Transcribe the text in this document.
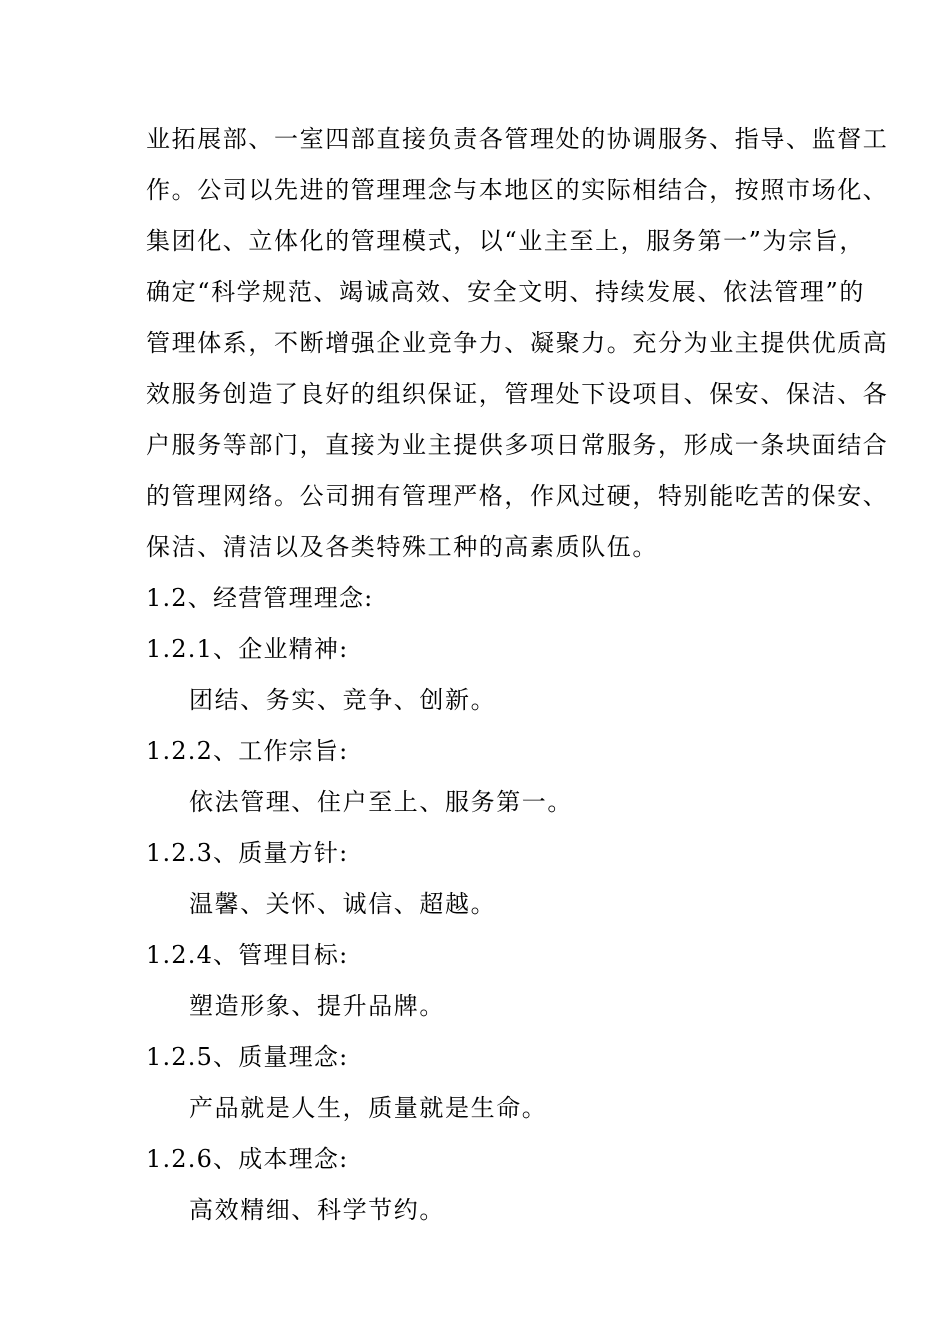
业拓展部、一室四部直接负责各管理处的协调服务、指导、监督工
作。公司以先进的管理理念与本地区的实际相结合，按照市场化、
集团化、立体化的管理模式，以“业主至上，服务第一”为宗旨，
确定“科学规范、竭诚高效、安全文明、持续发展、依法管理”的
管理体系，不断增强企业竞争力、凝聚力。充分为业主提供优质高
效服务创造了良好的组织保证，管理处下设项目、保安、保洁、各
户服务等部门，直接为业主提供多项日常服务，形成一条块面结合
的管理网络。公司拥有管理严格，作风过硬，特别能吃苦的保安、
保洁、清洁以及各类特殊工种的高素质队伍。
1.2、经营管理理念:
1.2.1、企业精神:
团结、务实、竞争、创新。
1.2.2、工作宗旨:
依法管理、住户至上、服务第一。
1.2.3、质量方针:
温馨、关怀、诚信、超越。
1.2.4、管理目标:
塑造形象、提升品牌。
1.2.5、质量理念:
产品就是人生，质量就是生命。
1.2.6、成本理念:
高效精细、科学节约。
